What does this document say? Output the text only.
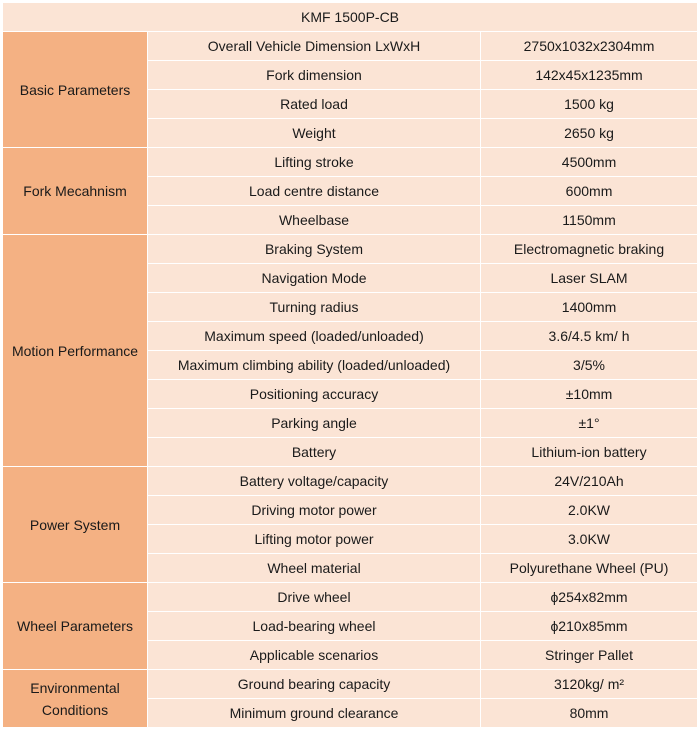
KMF 1500P-CB		
Basic Parameters	Overall Vehicle Dimension LxWxH	2750x1032x2304mm
	Fork dimension	142x45x1235mm
	Rated load	1500 kg
	Weight	2650 kg
Fork Mecahnism	Lifting stroke	4500mm
	Load centre distance	600mm
	Wheelbase	1150mm
Motion Performance	Braking System	Electromagnetic braking
	Navigation Mode	Laser SLAM
	Turning radius	1400mm
	Maximum speed (loaded/unloaded)	3.6/4.5 km/ h
	Maximum climbing ability (loaded/unloaded)	3/5%
	Positioning accuracy	±10mm
	Parking angle	±1°
	Battery	Lithium-ion battery
Power System	Battery voltage/capacity	24V/210Ah
	Driving motor power	2.0KW
	Lifting motor power	3.0KW
	Wheel material	Polyurethane Wheel (PU)
Wheel Parameters	Drive wheel	ϕ254x82mm
	Load-bearing wheel	ϕ210x85mm
	Applicable scenarios	Stringer Pallet
Environmental Conditions	Ground bearing capacity	3120kg/ m²
	Minimum ground clearance	80mm
